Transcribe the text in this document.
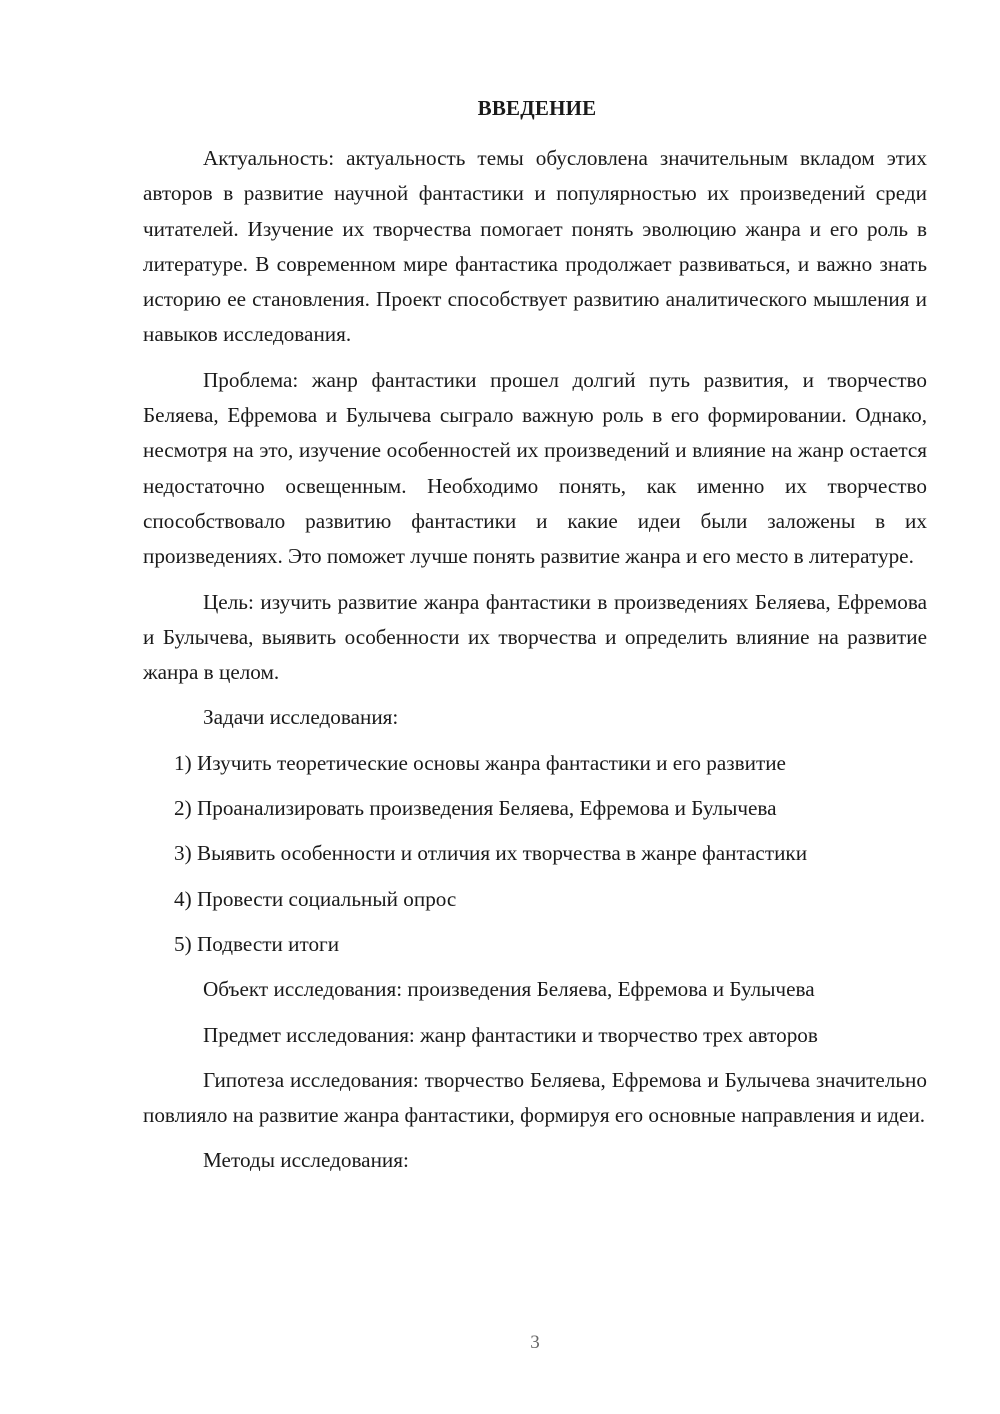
ВВЕДЕНИЕ

Актуальность: актуальность темы обусловлена значительным вкладом этих авторов в развитие научной фантастики и популярностью их произведений среди читателей. Изучение их творчества помогает понять эволюцию жанра и его роль в литературе. В современном мире фантастика продолжает развиваться, и важно знать историю ее становления. Проект способствует развитию аналитического мышления и навыков исследования.

Проблема: жанр фантастики прошел долгий путь развития, и творчество Беляева, Ефремова и Булычева сыграло важную роль в его формировании. Однако, несмотря на это, изучение особенностей их произведений и влияние на жанр остается недостаточно освещенным. Необходимо понять, как именно их творчество способствовало развитию фантастики и какие идеи были заложены в их произведениях. Это поможет лучше понять развитие жанра и его место в литературе.

Цель: изучить развитие жанра фантастики в произведениях Беляева, Ефремова и Булычева, выявить особенности их творчества и определить влияние на развитие жанра в целом.

Задачи исследования:
1) Изучить теоретические основы жанра фантастики и его развитие
2) Проанализировать произведения Беляева, Ефремова и Булычева
3) Выявить особенности и отличия их творчества в жанре фантастики
4) Провести социальный опрос
5) Подвести итоги
Объект исследования: произведения Беляева, Ефремова и Булычева
Предмет исследования: жанр фантастики и творчество трех авторов

Гипотеза исследования: творчество Беляева, Ефремова и Булычева значительно повлияло на развитие жанра фантастики, формируя его основные направления и идеи.

Методы исследования:
3
